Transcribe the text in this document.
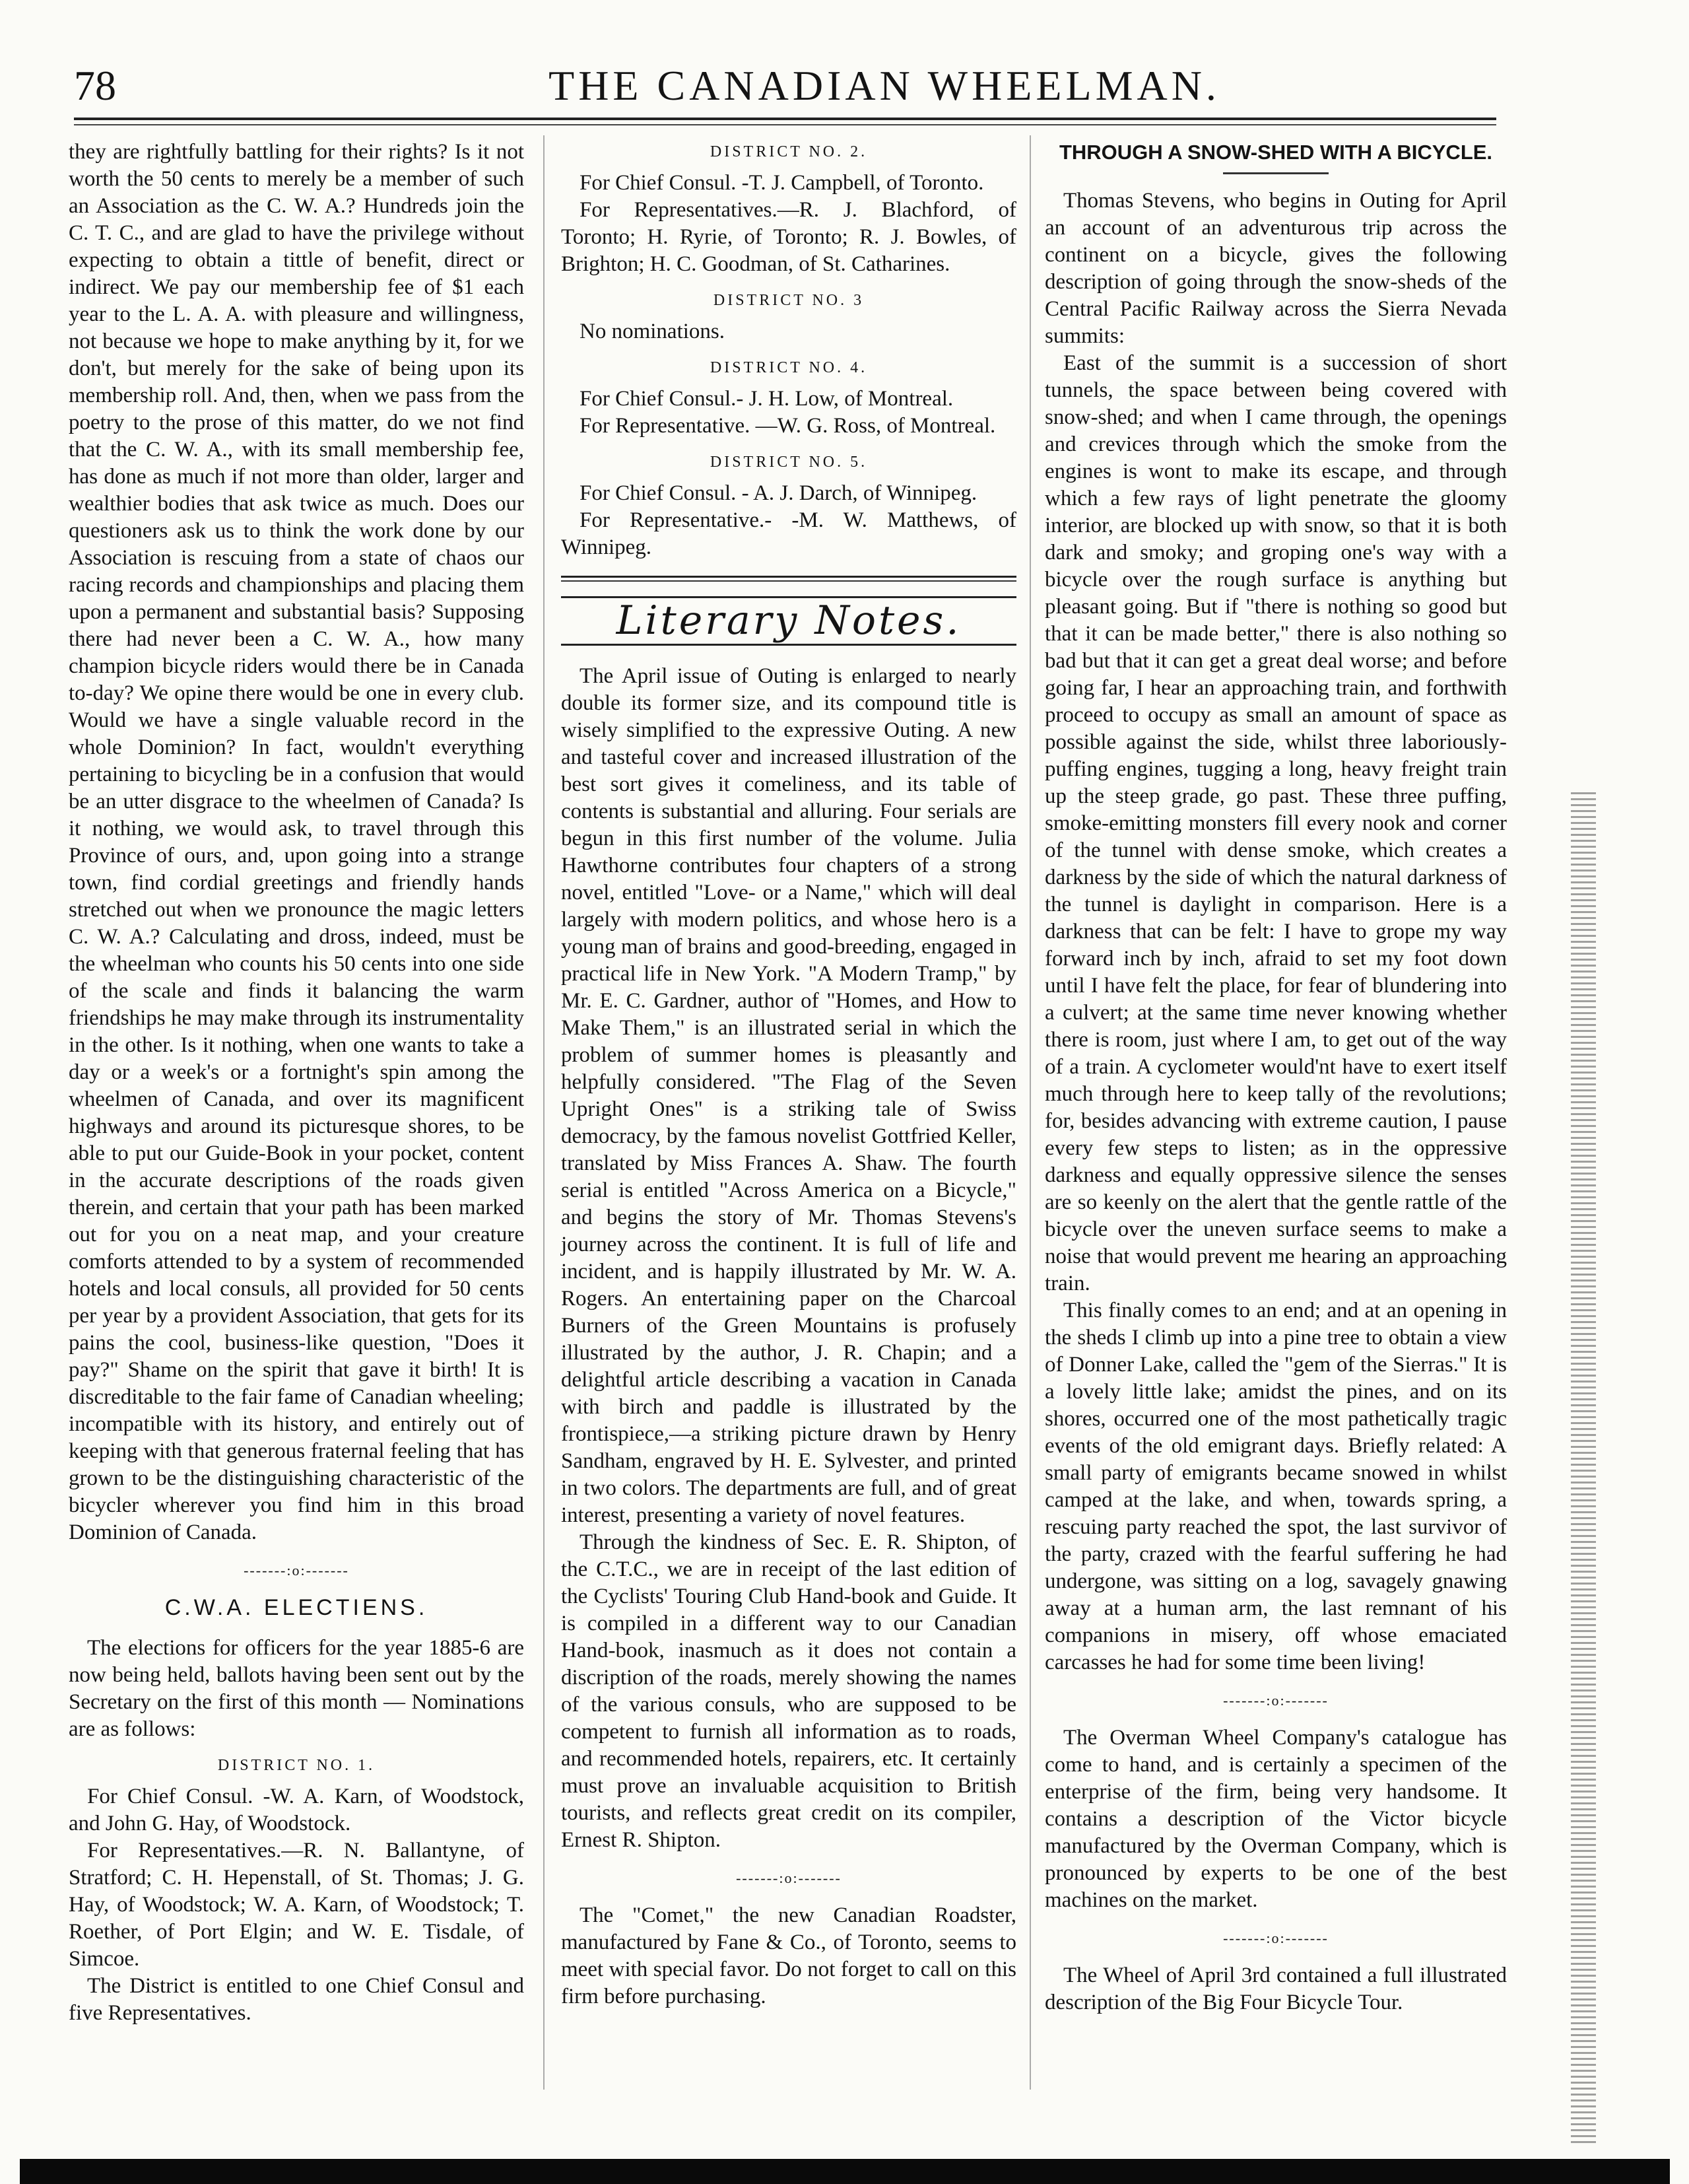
78	THE CANADIAN WHEELMAN.

they are rightfully battling for their rights? Is it not worth the 50 cents to merely be a member of such an Association as the C. W. A.? Hundreds join the C. T. C., and are glad to have the privilege without expecting to obtain a tittle of benefit, direct or indirect. We pay our membership fee of $1 each year to the L. A. A. with pleasure and willingness, not because we hope to make anything by it, for we don't, but merely for the sake of being upon its membership roll. And, then, when we pass from the poetry to the prose of this matter, do we not find that the C. W. A., with its small membership fee, has done as much if not more than older, larger and wealthier bodies that ask twice as much. Does our questioners ask us to think the work done by our Association is rescuing from a state of chaos our racing records and championships and placing them upon a permanent and substantial basis? Supposing there had never been a C. W. A., how many champion bicycle riders would there be in Canada to-day? We opine there would be one in every club. Would we have a single valuable record in the whole Dominion? In fact, wouldn't everything pertaining to bicycling be in a confusion that would be an utter disgrace to the wheelmen of Canada? Is it nothing, we would ask, to travel through this Province of ours, and, upon going into a strange town, find cordial greetings and friendly hands stretched out when we pronounce the magic letters C. W. A.? Calculating and dross, indeed, must be the wheelman who counts his 50 cents into one side of the scale and finds it balancing the warm friendships he may make through its instrumentality in the other. Is it nothing, when one wants to take a day or a week's or a fortnight's spin among the wheelmen of Canada, and over its magnificent highways and around its picturesque shores, to be able to put our Guide-Book in your pocket, content in the accurate descriptions of the roads given therein, and certain that your path has been marked out for you on a neat map, and your creature comforts attended to by a system of recommended hotels and local consuls, all provided for 50 cents per year by a provident Association, that gets for its pains the cool, business-like question, "Does it pay?" Shame on the spirit that gave it birth! It is discreditable to the fair fame of Canadian wheeling; incompatible with its history, and entirely out of keeping with that generous fraternal feeling that has grown to be the distinguishing characteristic of the bicycler wherever you find him in this broad Dominion of Canada.

-------:o:-------
C.W.A. ELECTIENS.

The elections for officers for the year 1885-6 are now being held, ballots having been sent out by the Secretary on the first of this month — Nominations are as follows:

DISTRICT NO. 1.

For Chief Consul. -W. A. Karn, of Woodstock, and John G. Hay, of Woodstock.

For Representatives.—R. N. Ballantyne, of Stratford; C. H. Hepenstall, of St. Thomas; J. G. Hay, of Woodstock; W. A. Karn, of Woodstock; T. Roether, of Port Elgin; and W. E. Tisdale, of Simcoe.

The District is entitled to one Chief Consul and five Representatives.

DISTRICT NO. 2.

For Chief Consul. -T. J. Campbell, of Toronto.

For Representatives.—R. J. Blachford, of Toronto; H. Ryrie, of Toronto; R. J. Bowles, of Brighton; H. C. Goodman, of St. Catharines.

DISTRICT NO. 3

No nominations.

DISTRICT NO. 4.

For Chief Consul.- J. H. Low, of Montreal.

For Representative. —W. G. Ross, of Montreal.

DISTRICT NO. 5.

For Chief Consul. - A. J. Darch, of Winnipeg.

For Representative.- -M. W. Matthews, of Winnipeg.

Literary Notes.

The April issue of Outing is enlarged to nearly double its former size, and its compound title is wisely simplified to the expressive Outing. A new and tasteful cover and increased illustration of the best sort gives it comeliness, and its table of contents is substantial and alluring. Four serials are begun in this first number of the volume. Julia Hawthorne contributes four chapters of a strong novel, entitled "Love- or a Name," which will deal largely with modern politics, and whose hero is a young man of brains and good-breeding, engaged in practical life in New York. "A Modern Tramp," by Mr. E. C. Gardner, author of "Homes, and How to Make Them," is an illustrated serial in which the problem of summer homes is pleasantly and helpfully considered. "The Flag of the Seven Upright Ones" is a striking tale of Swiss democracy, by the famous novelist Gottfried Keller, translated by Miss Frances A. Shaw. The fourth serial is entitled "Across America on a Bicycle," and begins the story of Mr. Thomas Stevens's journey across the continent. It is full of life and incident, and is happily illustrated by Mr. W. A. Rogers. An entertaining paper on the Charcoal Burners of the Green Mountains is profusely illustrated by the author, J. R. Chapin; and a delightful article describing a vacation in Canada with birch and paddle is illustrated by the frontispiece,—a striking picture drawn by Henry Sandham, engraved by H. E. Sylvester, and printed in two colors. The departments are full, and of great interest, presenting a variety of novel features.

Through the kindness of Sec. E. R. Shipton, of the C.T.C., we are in receipt of the last edition of the Cyclists' Touring Club Hand-book and Guide. It is compiled in a different way to our Canadian Hand-book, inasmuch as it does not contain a discription of the roads, merely showing the names of the various consuls, who are supposed to be competent to furnish all information as to roads, and recommended hotels, repairers, etc. It certainly must prove an invaluable acquisition to British tourists, and reflects great credit on its compiler, Ernest R. Shipton.

-------:o:-------

The "Comet," the new Canadian Roadster, manufactured by Fane & Co., of Toronto, seems to meet with special favor. Do not forget to call on this firm before purchasing.

THROUGH A SNOW-SHED WITH A BICYCLE.

Thomas Stevens, who begins in Outing for April an account of an adventurous trip across the continent on a bicycle, gives the following description of going through the snow-sheds of the Central Pacific Railway across the Sierra Nevada summits:

East of the summit is a succession of short tunnels, the space between being covered with snow-shed; and when I came through, the openings and crevices through which the smoke from the engines is wont to make its escape, and through which a few rays of light penetrate the gloomy interior, are blocked up with snow, so that it is both dark and smoky; and groping one's way with a bicycle over the rough surface is anything but pleasant going. But if "there is nothing so good but that it can be made better," there is also nothing so bad but that it can get a great deal worse; and before going far, I hear an approaching train, and forthwith proceed to occupy as small an amount of space as possible against the side, whilst three laboriously-puffing engines, tugging a long, heavy freight train up the steep grade, go past. These three puffing, smoke-emitting monsters fill every nook and corner of the tunnel with dense smoke, which creates a darkness by the side of which the natural darkness of the tunnel is daylight in comparison. Here is a darkness that can be felt: I have to grope my way forward inch by inch, afraid to set my foot down until I have felt the place, for fear of blundering into a culvert; at the same time never knowing whether there is room, just where I am, to get out of the way of a train. A cyclometer would'nt have to exert itself much through here to keep tally of the revolutions; for, besides advancing with extreme caution, I pause every few steps to listen; as in the oppressive darkness and equally oppressive silence the senses are so keenly on the alert that the gentle rattle of the bicycle over the uneven surface seems to make a noise that would prevent me hearing an approaching train.

This finally comes to an end; and at an opening in the sheds I climb up into a pine tree to obtain a view of Donner Lake, called the "gem of the Sierras." It is a lovely little lake; amidst the pines, and on its shores, occurred one of the most pathetically tragic events of the old emigrant days. Briefly related: A small party of emigrants became snowed in whilst camped at the lake, and when, towards spring, a rescuing party reached the spot, the last survivor of the party, crazed with the fearful suffering he had undergone, was sitting on a log, savagely gnawing away at a human arm, the last remnant of his companions in misery, off whose emaciated carcasses he had for some time been living!

-------:o:-------

The Overman Wheel Company's catalogue has come to hand, and is certainly a specimen of the enterprise of the firm, being very handsome. It contains a description of the Victor bicycle manufactured by the Overman Company, which is pronounced by experts to be one of the best machines on the market.

-------:o:-------

The Wheel of April 3rd contained a full illustrated description of the Big Four Bicycle Tour.
